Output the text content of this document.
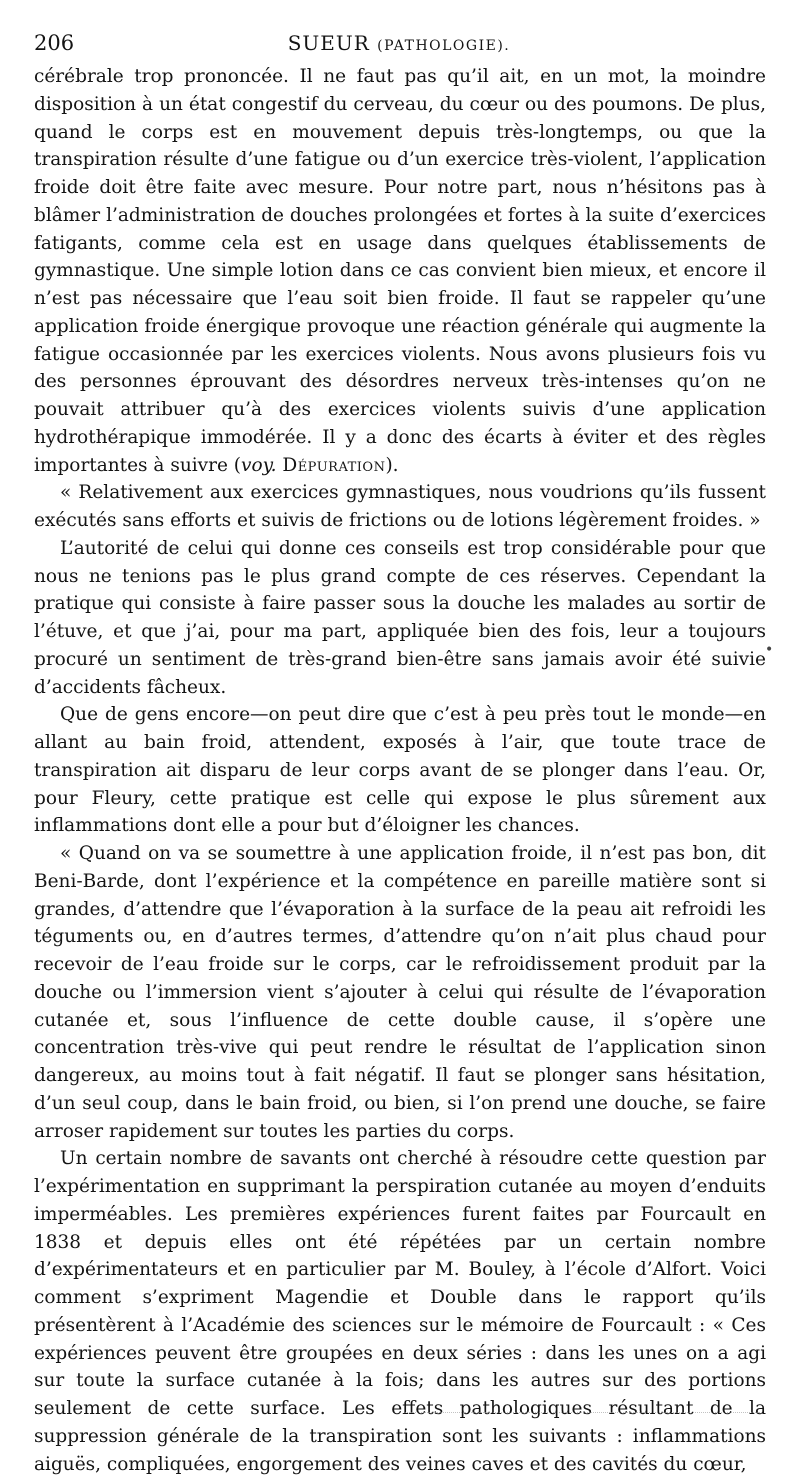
206	SUEUR (PATHOLOGIE).

cérébrale trop prononcée. Il ne faut pas qu’il ait, en un mot, la moindre disposition à un état congestif du cerveau, du cœur ou des poumons. De plus, quand le corps est en mouvement depuis très-longtemps, ou que la transpiration résulte d’une fatigue ou d’un exercice très-violent, l’application froide doit être faite avec mesure. Pour notre part, nous n’hésitons pas à blâmer l’administration de douches prolongées et fortes à la suite d’exercices fatigants, comme cela est en usage dans quelques établissements de gymnastique. Une simple lotion dans ce cas convient bien mieux, et encore il n’est pas nécessaire que l’eau soit bien froide. Il faut se rappeler qu’une application froide énergique provoque une réaction générale qui augmente la fatigue occasionnée par les exercices violents. Nous avons plusieurs fois vu des personnes éprouvant des désordres nerveux très-intenses qu’on ne pouvait attribuer qu’à des exercices violents suivis d’une application hydrothérapique immodérée. Il y a donc des écarts à éviter et des règles importantes à suivre (voy. Dépuration).

« Relativement aux exercices gymnastiques, nous voudrions qu’ils fussent exécutés sans efforts et suivis de frictions ou de lotions légèrement froides. »

L’autorité de celui qui donne ces conseils est trop considérable pour que nous ne tenions pas le plus grand compte de ces réserves. Cependant la pratique qui consiste à faire passer sous la douche les malades au sortir de l’étuve, et que j’ai, pour ma part, appliquée bien des fois, leur a toujours procuré un sentiment de très-grand bien-être sans jamais avoir été suivie d’accidents fâcheux.

Que de gens encore—on peut dire que c’est à peu près tout le monde—en allant au bain froid, attendent, exposés à l’air, que toute trace de transpiration ait disparu de leur corps avant de se plonger dans l’eau. Or, pour Fleury, cette pratique est celle qui expose le plus sûrement aux inflammations dont elle a pour but d’éloigner les chances.

« Quand on va se soumettre à une application froide, il n’est pas bon, dit Beni-Barde, dont l’expérience et la compétence en pareille matière sont si grandes, d’attendre que l’évaporation à la surface de la peau ait refroidi les téguments ou, en d’autres termes, d’attendre qu’on n’ait plus chaud pour recevoir de l’eau froide sur le corps, car le refroidissement produit par la douche ou l’immersion vient s’ajouter à celui qui résulte de l’évaporation cutanée et, sous l’influence de cette double cause, il s’opère une concentration très-vive qui peut rendre le résultat de l’application sinon dangereux, au moins tout à fait négatif. Il faut se plonger sans hésitation, d’un seul coup, dans le bain froid, ou bien, si l’on prend une douche, se faire arroser rapidement sur toutes les parties du corps.

Un certain nombre de savants ont cherché à résoudre cette question par l’expérimentation en supprimant la perspiration cutanée au moyen d’enduits imperméables. Les premières expériences furent faites par Fourcault en 1838 et depuis elles ont été répétées par un certain nombre d’expérimentateurs et en particulier par M. Bouley, à l’école d’Alfort. Voici comment s’expriment Magendie et Double dans le rapport qu’ils présentèrent à l’Académie des sciences sur le mémoire de Fourcault : « Ces expériences peuvent être groupées en deux séries : dans les unes on a agi sur toute la surface cutanée à la fois; dans les autres sur des portions seulement de cette surface. Les effets pathologiques résultant de la suppression générale de la transpiration sont les suivants : inflammations aiguës, compliquées, engorgement des veines caves et des cavités du cœur,

•
